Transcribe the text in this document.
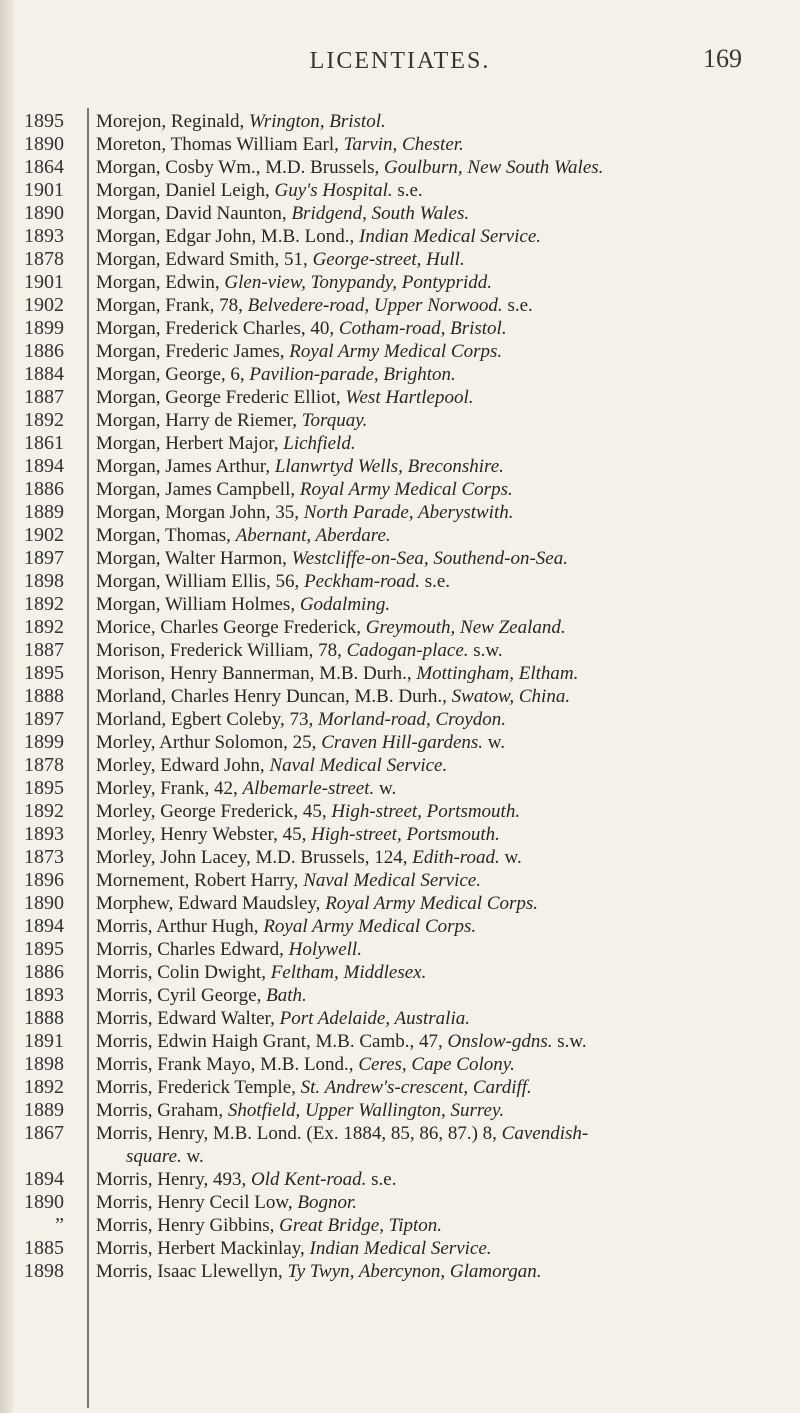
LICENTIATES.	169
1895
1890
1864
1901
1890
1893
1878
1901
1902
1899
1886
1884
1887
1892
1861
1894
1886
1889
1902
1897
1898
1892
1892
1887
1895
1888
1897
1899
1878
1895
1892
1893
1873
1896
1890
1894
1895
1886
1893
1888
1891
1898
1892
1889
1867

1894
1890
”
1885
1898
Morejon, Reginald, Wrington, Bristol.
Moreton, Thomas William Earl, Tarvin, Chester.
Morgan, Cosby Wm., M.D. Brussels, Goulburn, New South Wales.
Morgan, Daniel Leigh, Guy's Hospital. s.e.
Morgan, David Naunton, Bridgend, South Wales.
Morgan, Edgar John, M.B. Lond., Indian Medical Service.
Morgan, Edward Smith, 51, George-street, Hull.
Morgan, Edwin, Glen-view, Tonypandy, Pontypridd.
Morgan, Frank, 78, Belvedere-road, Upper Norwood. s.e.
Morgan, Frederick Charles, 40, Cotham-road, Bristol.
Morgan, Frederic James, Royal Army Medical Corps.
Morgan, George, 6, Pavilion-parade, Brighton.
Morgan, George Frederic Elliot, West Hartlepool.
Morgan, Harry de Riemer, Torquay.
Morgan, Herbert Major, Lichfield.
Morgan, James Arthur, Llanwrtyd Wells, Breconshire.
Morgan, James Campbell, Royal Army Medical Corps.
Morgan, Morgan John, 35, North Parade, Aberystwith.
Morgan, Thomas, Abernant, Aberdare.
Morgan, Walter Harmon, Westcliffe-on-Sea, Southend-on-Sea.
Morgan, William Ellis, 56, Peckham-road. s.e.
Morgan, William Holmes, Godalming.
Morice, Charles George Frederick, Greymouth, New Zealand.
Morison, Frederick William, 78, Cadogan-place. s.w.
Morison, Henry Bannerman, M.B. Durh., Mottingham, Eltham.
Morland, Charles Henry Duncan, M.B. Durh., Swatow, China.
Morland, Egbert Coleby, 73, Morland-road, Croydon.
Morley, Arthur Solomon, 25, Craven Hill-gardens. w.
Morley, Edward John, Naval Medical Service.
Morley, Frank, 42, Albemarle-street. w.
Morley, George Frederick, 45, High-street, Portsmouth.
Morley, Henry Webster, 45, High-street, Portsmouth.
Morley, John Lacey, M.D. Brussels, 124, Edith-road. w.
Mornement, Robert Harry, Naval Medical Service.
Morphew, Edward Maudsley, Royal Army Medical Corps.
Morris, Arthur Hugh, Royal Army Medical Corps.
Morris, Charles Edward, Holywell.
Morris, Colin Dwight, Feltham, Middlesex.
Morris, Cyril George, Bath.
Morris, Edward Walter, Port Adelaide, Australia.
Morris, Edwin Haigh Grant, M.B. Camb., 47, Onslow-gdns. s.w.
Morris, Frank Mayo, M.B. Lond., Ceres, Cape Colony.
Morris, Frederick Temple, St. Andrew's-crescent, Cardiff.
Morris, Graham, Shotfield, Upper Wallington, Surrey.
Morris, Henry, M.B. Lond. (Ex. 1884, 85, 86, 87.) 8, Cavendish-
square. w.
Morris, Henry, 493, Old Kent-road. s.e.
Morris, Henry Cecil Low, Bognor.
Morris, Henry Gibbins, Great Bridge, Tipton.
Morris, Herbert Mackinlay, Indian Medical Service.
Morris, Isaac Llewellyn, Ty Twyn, Abercynon, Glamorgan.
